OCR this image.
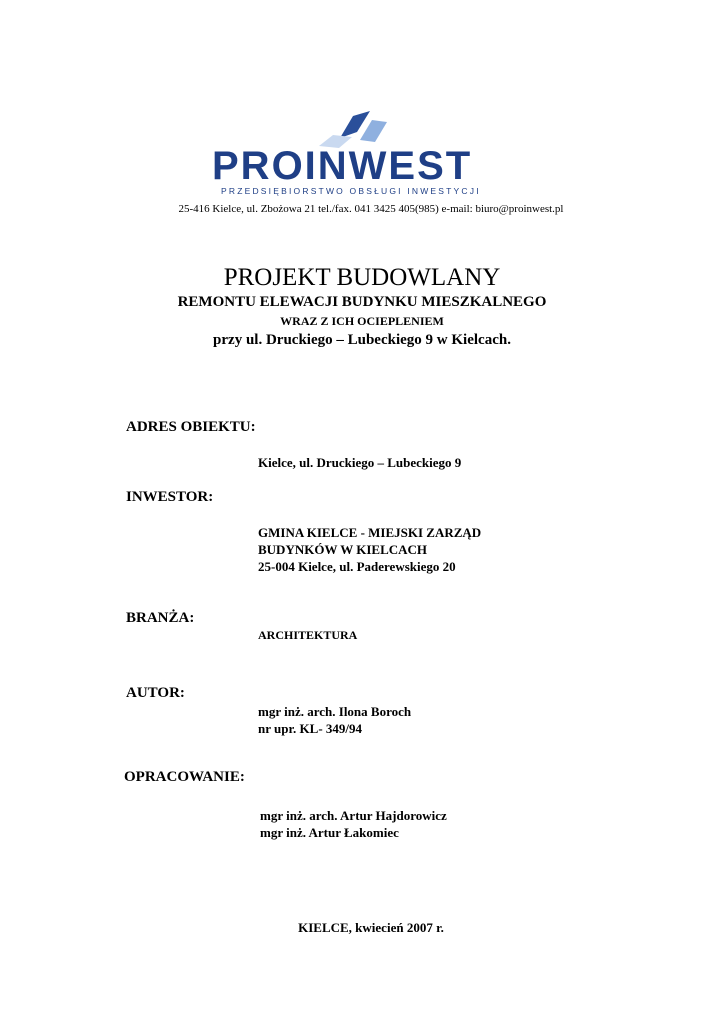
PROINWEST
PRZEDSIĘBIORSTWO OBSŁUGI INWESTYCJI
25-416 Kielce, ul. Zbożowa 21 tel./fax. 041 3425 405(985) e-mail: biuro@proinwest.pl
PROJEKT BUDOWLANY
REMONTU ELEWACJI BUDYNKU MIESZKALNEGO
WRAZ Z ICH OCIEPLENIEM
przy ul. Druckiego – Lubeckiego 9 w Kielcach.
ADRES OBIEKTU:
Kielce, ul. Druckiego – Lubeckiego 9
INWESTOR:
GMINA KIELCE - MIEJSKI ZARZĄD
BUDYNKÓW W KIELCACH
25-004 Kielce, ul. Paderewskiego 20
BRANŻA:
ARCHITEKTURA
AUTOR:
mgr inż. arch. Ilona Boroch
nr upr. KL- 349/94
OPRACOWANIE:
mgr inż. arch. Artur Hajdorowicz
mgr inż. Artur Łakomiec
KIELCE, kwiecień 2007 r.
